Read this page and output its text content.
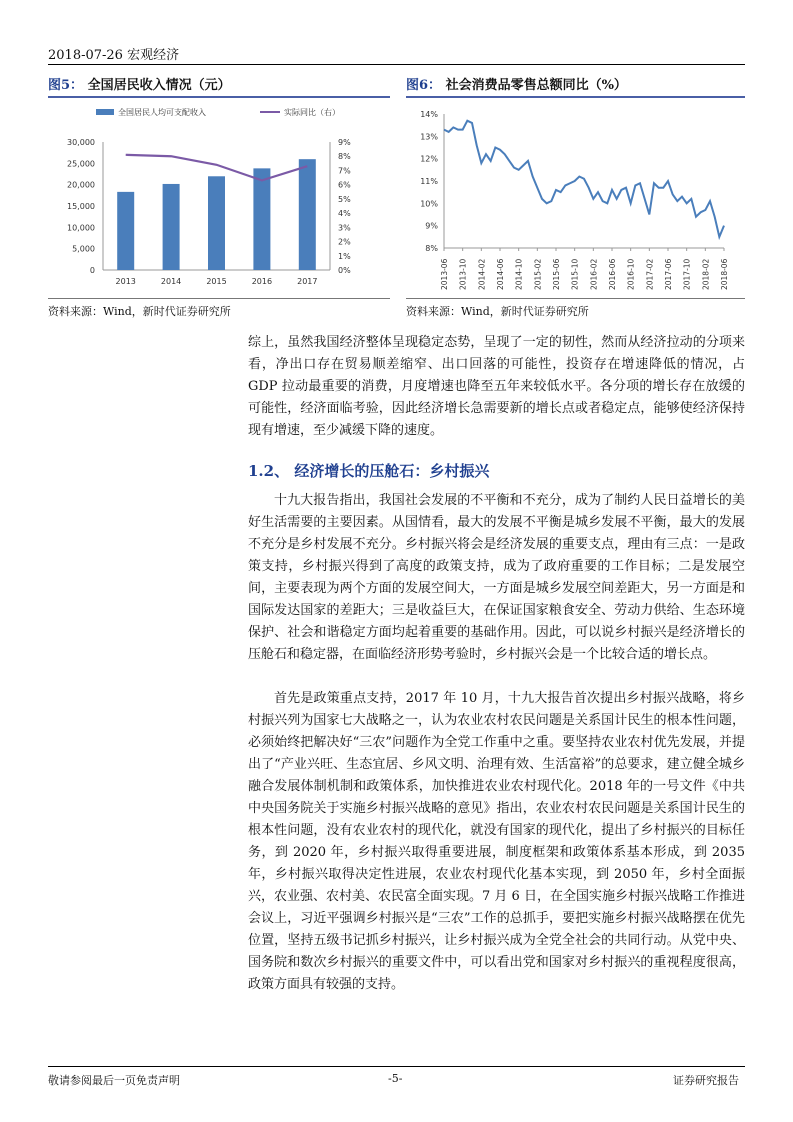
2018-07-26 宏观经济
图5： 全国居民收入情况（元）
全国居民人均可支配收入	实际同比（右）
0
5,000
10,000
15,000
20,000
25,000
30,000
0%
1%
2%
3%
4%
5%
6%
7%
8%
9%
2013	2014	2015	2016	2017
资料来源：Wind，新时代证券研究所
图6： 社会消费品零售总额同比（%）
8%
9%
10%
11%
12%
13%
14%
2013-06 2013-10 2014-02 2014-06 2014-10 2015-02 2015-06 2015-10 2016-02 2016-06 2016-10 2017-02 2017-06 2017-10 2018-02 2018-06
资料来源：Wind，新时代证券研究所

综上，虽然我国经济整体呈现稳定态势，呈现了一定的韧性，然而从经济拉动的分项来看，净出口存在贸易顺差缩窄、出口回落的可能性，投资存在增速降低的情况，占 GDP 拉动最重要的消费，月度增速也降至五年来较低水平。各分项的增长存在放缓的可能性，经济面临考验，因此经济增长急需要新的增长点或者稳定点，能够使经济保持现有增速，至少减缓下降的速度。

1.2、 经济增长的压舱石：乡村振兴

十九大报告指出，我国社会发展的不平衡和不充分，成为了制约人民日益增长的美好生活需要的主要因素。从国情看，最大的发展不平衡是城乡发展不平衡，最大的发展不充分是乡村发展不充分。乡村振兴将会是经济发展的重要支点，理由有三点：一是政策支持，乡村振兴得到了高度的政策支持，成为了政府重要的工作目标；二是发展空间，主要表现为两个方面的发展空间大，一方面是城乡发展空间差距大，另一方面是和国际发达国家的差距大；三是收益巨大，在保证国家粮食安全、劳动力供给、生态环境保护、社会和谐稳定方面均起着重要的基础作用。因此，可以说乡村振兴是经济增长的压舱石和稳定器，在面临经济形势考验时，乡村振兴会是一个比较合适的增长点。

首先是政策重点支持，2017 年 10 月，十九大报告首次提出乡村振兴战略，将乡村振兴列为国家七大战略之一，认为农业农村农民问题是关系国计民生的根本性问题，必须始终把解决好“三农”问题作为全党工作重中之重。要坚持农业农村优先发展，并提出了“产业兴旺、生态宜居、乡风文明、治理有效、生活富裕”的总要求，建立健全城乡融合发展体制机制和政策体系，加快推进农业农村现代化。2018 年的一号文件《中共中央国务院关于实施乡村振兴战略的意见》指出，农业农村农民问题是关系国计民生的根本性问题，没有农业农村的现代化，就没有国家的现代化，提出了乡村振兴的目标任务，到 2020 年，乡村振兴取得重要进展，制度框架和政策体系基本形成，到 2035 年，乡村振兴取得决定性进展，农业农村现代化基本实现，到 2050 年，乡村全面振兴，农业强、农村美、农民富全面实现。7 月 6 日，在全国实施乡村振兴战略工作推进会议上，习近平强调乡村振兴是“三农”工作的总抓手，要把实施乡村振兴战略摆在优先位置，坚持五级书记抓乡村振兴，让乡村振兴成为全党全社会的共同行动。从党中央、国务院和数次乡村振兴的重要文件中，可以看出党和国家对乡村振兴的重视程度很高，政策方面具有较强的支持。

敬请参阅最后一页免责声明	-5-	证券研究报告
